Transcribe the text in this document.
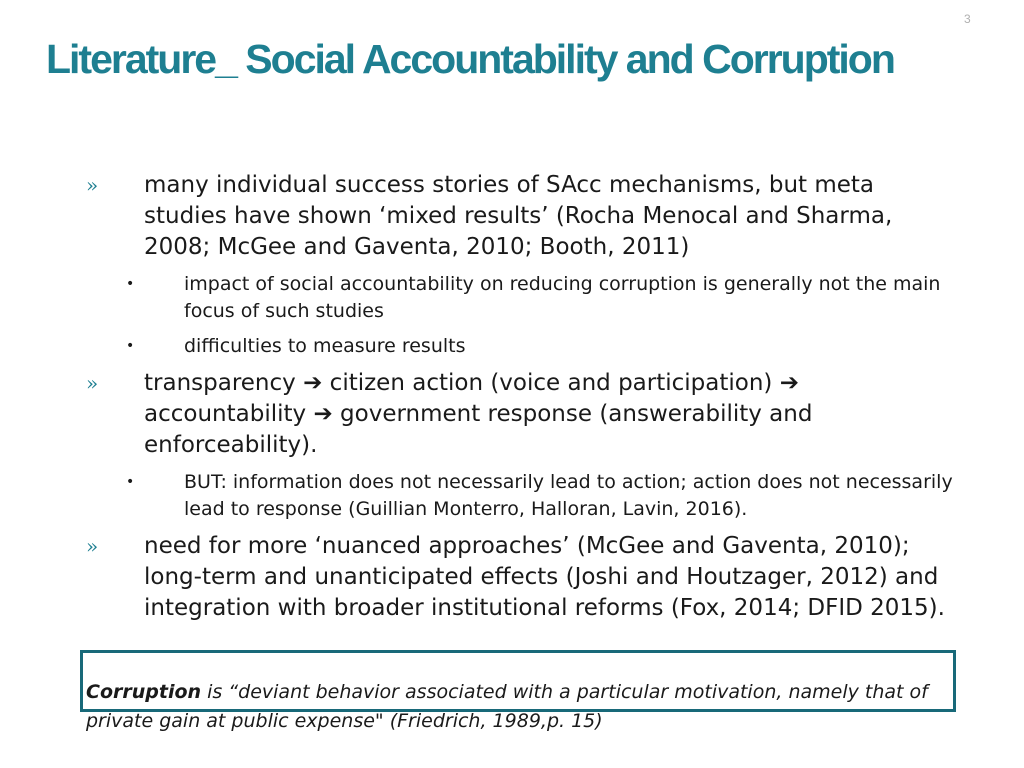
3
Literature_ Social Accountability and Corruption
» many individual success stories of SAcc mechanisms, but meta studies have shown ‘mixed results’ (Rocha Menocal and Sharma, 2008; McGee and Gaventa, 2010; Booth, 2011)
•	impact of social accountability on reducing corruption is generally not the main focus of such studies
•	difficulties to measure results
» transparency ➔ citizen action (voice and participation) ➔ accountability ➔ government response (answerability and enforceability).
•	BUT: information does not necessarily lead to action; action does not necessarily lead to response (Guillian Monterro, Halloran, Lavin, 2016).
» need for more ‘nuanced approaches’ (McGee and Gaventa, 2010); long-term and unanticipated effects (Joshi and Houtzager, 2012) and integration with broader institutional reforms (Fox, 2014; DFID 2015).
Corruption is “deviant behavior associated with a particular motivation, namely that of private gain at public expense" (Friedrich, 1989,p. 15)
